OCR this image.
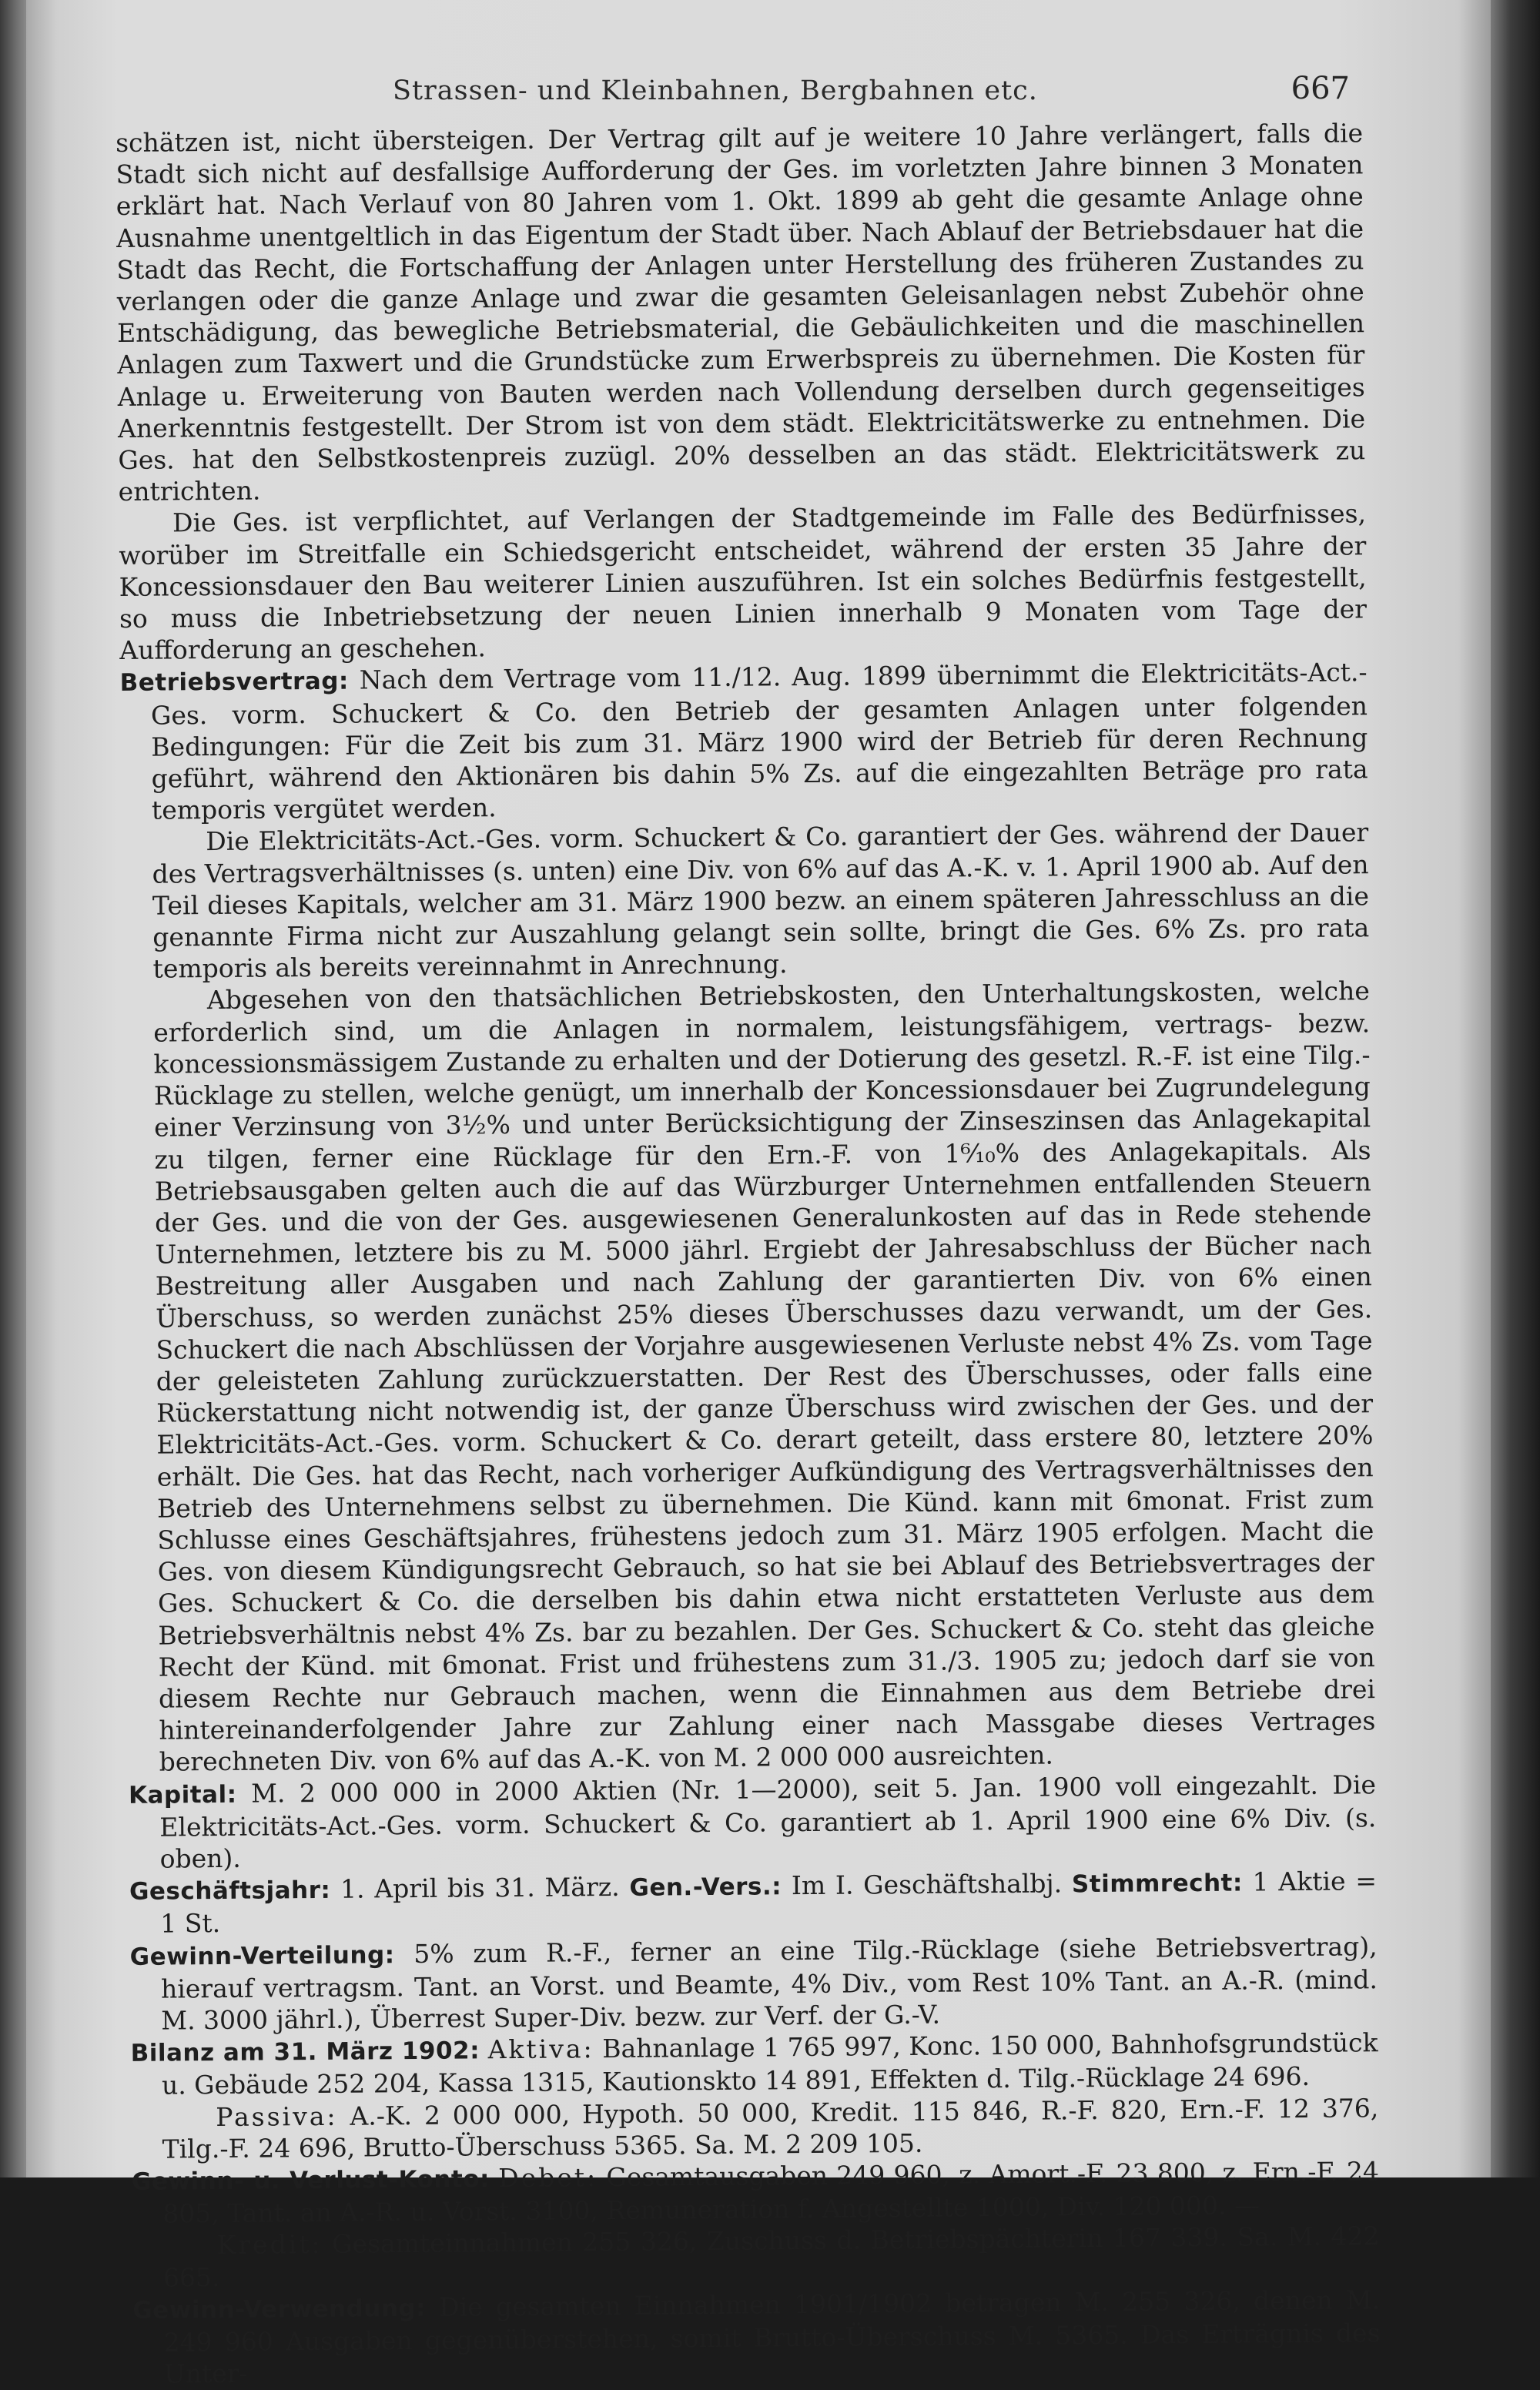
Strassen- und Kleinbahnen, Bergbahnen etc.	667

schätzen ist, nicht übersteigen. Der Vertrag gilt auf je weitere 10 Jahre verlängert, falls die Stadt sich nicht auf desfallsige Aufforderung der Ges. im vorletzten Jahre binnen 3 Monaten erklärt hat. Nach Verlauf von 80 Jahren vom 1. Okt. 1899 ab geht die gesamte Anlage ohne Ausnahme unentgeltlich in das Eigentum der Stadt über. Nach Ablauf der Betriebsdauer hat die Stadt das Recht, die Fortschaffung der Anlagen unter Herstellung des früheren Zustandes zu verlangen oder die ganze Anlage und zwar die gesamten Geleisanlagen nebst Zubehör ohne Entschädigung, das bewegliche Betriebsmaterial, die Gebäulichkeiten und die maschinellen Anlagen zum Taxwert und die Grundstücke zum Erwerbspreis zu übernehmen. Die Kosten für Anlage u. Erweiterung von Bauten werden nach Vollendung derselben durch gegenseitiges Anerkenntnis festgestellt. Der Strom ist von dem städt. Elektricitätswerke zu entnehmen. Die Ges. hat den Selbstkostenpreis zuzügl. 20% desselben an das städt. Elektricitätswerk zu entrichten.

Die Ges. ist verpflichtet, auf Verlangen der Stadtgemeinde im Falle des Bedürfnisses, worüber im Streitfalle ein Schiedsgericht entscheidet, während der ersten 35 Jahre der Koncessionsdauer den Bau weiterer Linien auszuführen. Ist ein solches Bedürfnis festgestellt, so muss die Inbetriebsetzung der neuen Linien innerhalb 9 Monaten vom Tage der Aufforderung an geschehen.

Betriebsvertrag: Nach dem Vertrage vom 11./12. Aug. 1899 übernimmt die Elektricitäts-Act.-Ges. vorm. Schuckert & Co. den Betrieb der gesamten Anlagen unter folgenden Bedingungen: Für die Zeit bis zum 31. März 1900 wird der Betrieb für deren Rechnung geführt, während den Aktionären bis dahin 5% Zs. auf die eingezahlten Beträge pro rata temporis vergütet werden.

Die Elektricitäts-Act.-Ges. vorm. Schuckert & Co. garantiert der Ges. während der Dauer des Vertragsverhältnisses (s. unten) eine Div. von 6% auf das A.-K. v. 1. April 1900 ab. Auf den Teil dieses Kapitals, welcher am 31. März 1900 bezw. an einem späteren Jahresschluss an die genannte Firma nicht zur Auszahlung gelangt sein sollte, bringt die Ges. 6% Zs. pro rata temporis als bereits vereinnahmt in Anrechnung.

Abgesehen von den thatsächlichen Betriebskosten, den Unterhaltungskosten, welche erforderlich sind, um die Anlagen in normalem, leistungsfähigem, vertrags- bezw. koncessionsmässigem Zustande zu erhalten und der Dotierung des gesetzl. R.-F. ist eine Tilg.-Rücklage zu stellen, welche genügt, um innerhalb der Koncessionsdauer bei Zugrundelegung einer Verzinsung von 3½% und unter Berücksichtigung der Zinseszinsen das Anlagekapital zu tilgen, ferner eine Rücklage für den Ern.-F. von 1⁶⁄₁₀% des Anlagekapitals. Als Betriebsausgaben gelten auch die auf das Würzburger Unternehmen entfallenden Steuern der Ges. und die von der Ges. ausgewiesenen Generalunkosten auf das in Rede stehende Unternehmen, letztere bis zu M. 5000 jährl. Ergiebt der Jahresabschluss der Bücher nach Bestreitung aller Ausgaben und nach Zahlung der garantierten Div. von 6% einen Überschuss, so werden zunächst 25% dieses Überschusses dazu verwandt, um der Ges. Schuckert die nach Abschlüssen der Vorjahre ausgewiesenen Verluste nebst 4% Zs. vom Tage der geleisteten Zahlung zurückzuerstatten. Der Rest des Überschusses, oder falls eine Rückerstattung nicht notwendig ist, der ganze Überschuss wird zwischen der Ges. und der Elektricitäts-Act.-Ges. vorm. Schuckert & Co. derart geteilt, dass erstere 80, letztere 20% erhält. Die Ges. hat das Recht, nach vorheriger Aufkündigung des Vertragsverhältnisses den Betrieb des Unternehmens selbst zu übernehmen. Die Künd. kann mit 6monat. Frist zum Schlusse eines Geschäftsjahres, frühestens jedoch zum 31. März 1905 erfolgen. Macht die Ges. von diesem Kündigungsrecht Gebrauch, so hat sie bei Ablauf des Betriebsvertrages der Ges. Schuckert & Co. die derselben bis dahin etwa nicht erstatteten Verluste aus dem Betriebsverhältnis nebst 4% Zs. bar zu bezahlen. Der Ges. Schuckert & Co. steht das gleiche Recht der Künd. mit 6monat. Frist und frühestens zum 31./3. 1905 zu; jedoch darf sie von diesem Rechte nur Gebrauch machen, wenn die Einnahmen aus dem Betriebe drei hintereinanderfolgender Jahre zur Zahlung einer nach Massgabe dieses Vertrages berechneten Div. von 6% auf das A.-K. von M. 2 000 000 ausreichten.

Kapital: M. 2 000 000 in 2000 Aktien (Nr. 1—2000), seit 5. Jan. 1900 voll eingezahlt. Die Elektricitäts-Act.-Ges. vorm. Schuckert & Co. garantiert ab 1. April 1900 eine 6% Div. (s. oben).

Geschäftsjahr: 1. April bis 31. März. Gen.-Vers.: Im I. Geschäftshalbj. Stimmrecht: 1 Aktie = 1 St.

Gewinn-Verteilung: 5% zum R.-F., ferner an eine Tilg.-Rücklage (siehe Betriebsvertrag), hierauf vertragsm. Tant. an Vorst. und Beamte, 4% Div., vom Rest 10% Tant. an A.-R. (mind. M. 3000 jährl.), Überrest Super-Div. bezw. zur Verf. der G.-V.

Bilanz am 31. März 1902: Aktiva: Bahnanlage 1 765 997, Konc. 150 000, Bahnhofsgrundstück u. Gebäude 252 204, Kassa 1315, Kautionskto 14 891, Effekten d. Tilg.-Rücklage 24 696.

Passiva: A.-K. 2 000 000, Hypoth. 50 000, Kredit. 115 846, R.-F. 820, Ern.-F. 12 376, Tilg.-F. 24 696, Brutto-Überschuss 5365. Sa. M. 2 209 105.

Gewinn- u. Verlust-Konto: Debet: Gesamtausgaben 249 960, z. Amort.-F. 23 800, z. Ern.-F. 24 805, Tant. an A.-R. u. Vorst. 3100, Remuneration f. Angestellte 1000, Div. 120 000. —

Kredit: Gesamteinnahmen 255 326, Zuschuss d. Betriebspächterin 167 339. Sa. M. 422 665.

Gewinn-Verwendung: Die gesamten Einnahmen 1901/1902 betragen M. 255 326, denen M. 249 960 Ausgaben gegenüberstehen, somit Brutto-Überschuss M. 5365. Das Erträgnis des Unter-
